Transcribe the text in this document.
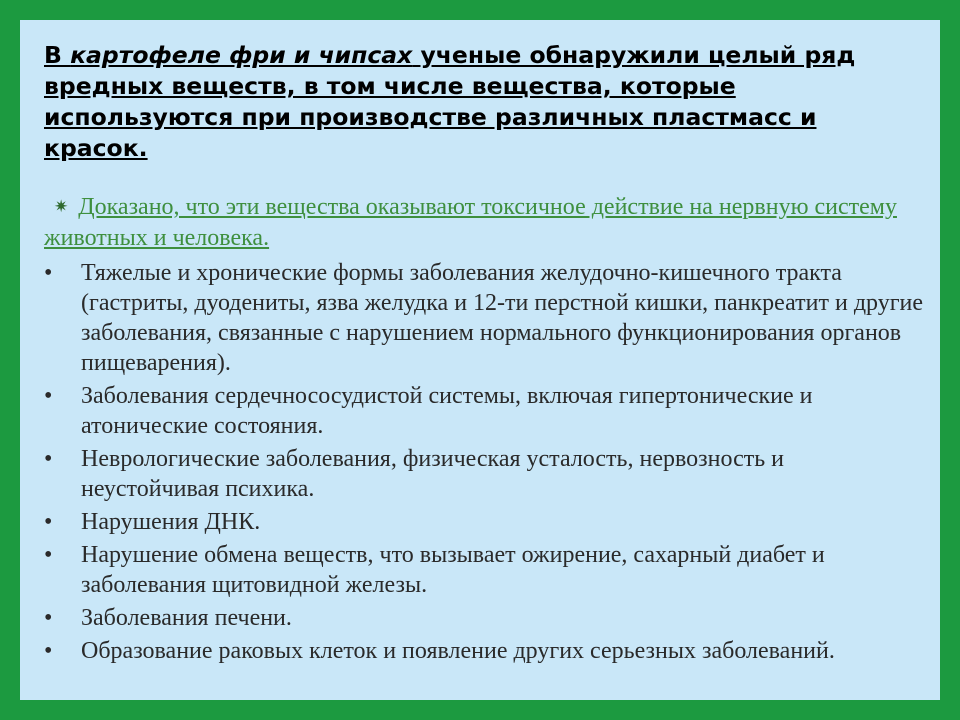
В картофеле фри и чипсах ученые обнаружили целый ряд вредных веществ, в том числе вещества, которые используются при производстве различных пластмасс и красок.

✷ Доказано, что эти вещества оказывают токсичное действие на нервную систему животных и человека.

• Тяжелые и хронические формы заболевания желудочно-кишечного тракта (гастриты, дуодениты, язва желудка и 12-ти перстной кишки, панкреатит и другие заболевания, связанные с нарушением нормального функционирования органов пищеварения).
• Заболевания сердечнососудистой системы, включая гипертонические и атонические состояния.
• Неврологические заболевания, физическая усталость, нервозность и неустойчивая психика.
• Нарушения ДНК.
• Нарушение обмена веществ, что вызывает ожирение, сахарный диабет и заболевания щитовидной железы.
• Заболевания печени.
• Образование раковых клеток и появление других серьезных заболеваний.
